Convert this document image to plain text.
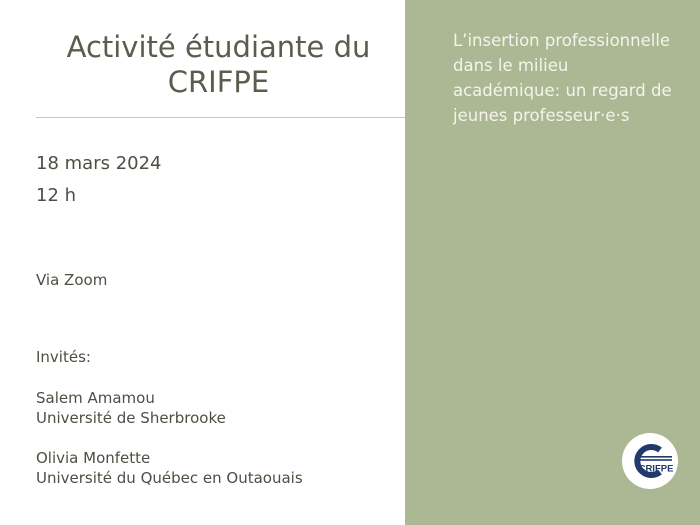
Activité étudiante du CRIFPE
18 mars 2024
12 h
Via Zoom
Invités:
Salem Amamou
Université de Sherbrooke
Olivia Monfette
Université du Québec en Outaouais
L’insertion professionnelle dans le milieu académique: un regard de jeunes professeur·e·s
CRIFPE
